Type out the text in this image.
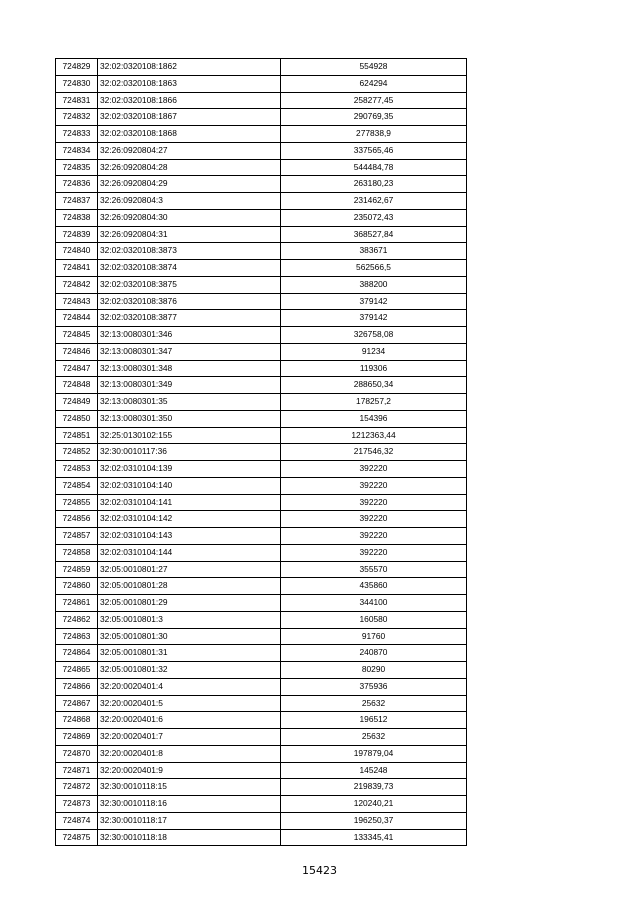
724829	32:02:0320108:1862	554928
724830	32:02:0320108:1863	624294
724831	32:02:0320108:1866	258277,45
724832	32:02:0320108:1867	290769,35
724833	32:02:0320108:1868	277838,9
724834	32:26:0920804:27	337565,46
724835	32:26:0920804:28	544484,78
724836	32:26:0920804:29	263180,23
724837	32:26:0920804:3	231462,67
724838	32:26:0920804:30	235072,43
724839	32:26:0920804:31	368527,84
724840	32:02:0320108:3873	383671
724841	32:02:0320108:3874	562566,5
724842	32:02:0320108:3875	388200
724843	32:02:0320108:3876	379142
724844	32:02:0320108:3877	379142
724845	32:13:0080301:346	326758,08
724846	32:13:0080301:347	91234
724847	32:13:0080301:348	119306
724848	32:13:0080301:349	288650,34
724849	32:13:0080301:35	178257,2
724850	32:13:0080301:350	154396
724851	32:25:0130102:155	1212363,44
724852	32:30:0010117:36	217546,32
724853	32:02:0310104:139	392220
724854	32:02:0310104:140	392220
724855	32:02:0310104:141	392220
724856	32:02:0310104:142	392220
724857	32:02:0310104:143	392220
724858	32:02:0310104:144	392220
724859	32:05:0010801:27	355570
724860	32:05:0010801:28	435860
724861	32:05:0010801:29	344100
724862	32:05:0010801:3	160580
724863	32:05:0010801:30	91760
724864	32:05:0010801:31	240870
724865	32:05:0010801:32	80290
724866	32:20:0020401:4	375936
724867	32:20:0020401:5	25632
724868	32:20:0020401:6	196512
724869	32:20:0020401:7	25632
724870	32:20:0020401:8	197879,04
724871	32:20:0020401:9	145248
724872	32:30:0010118:15	219839,73
724873	32:30:0010118:16	120240,21
724874	32:30:0010118:17	196250,37
724875	32:30:0010118:18	133345,41
15423
